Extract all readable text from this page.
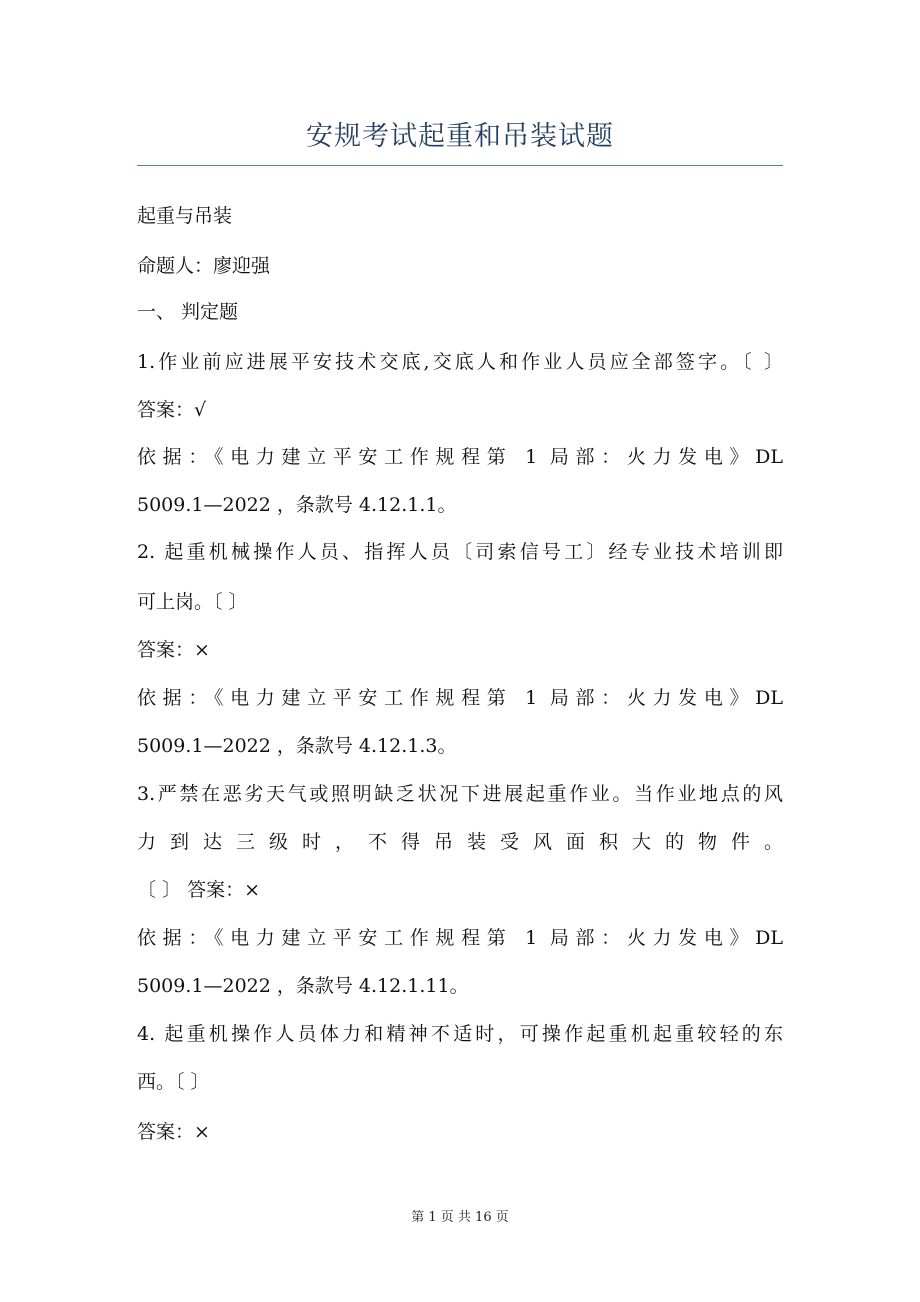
安规考试起重和吊装试题
起重与吊装
命题人：廖迎强
一、 判定题
1.作业前应进展平安技术交底,交底人和作业人员应全部签字。〔 〕
答案：√
依据：《电力建立平安工作规程第 1 局部：火力发电》DL
5009.1—2022 ，条款号 4.12.1.1。
2. 起重机械操作人员、指挥人员〔司索信号工〕经专业技术培训即
可上岗。〔 〕
答案：×
依据：《电力建立平安工作规程第 1 局部：火力发电》DL
5009.1—2022 ，条款号 4.12.1.3。
3.严禁在恶劣天气或照明缺乏状况下进展起重作业。当作业地点的风
力到达三级时，不得吊装受风面积大的物件。
〔 〕 答案：×
依据：《电力建立平安工作规程第 1 局部：火力发电》DL
5009.1—2022 ，条款号 4.12.1.11。
4. 起重机操作人员体力和精神不适时，可操作起重机起重较轻的东
西。〔 〕
答案：×
第 1 页 共 16 页
